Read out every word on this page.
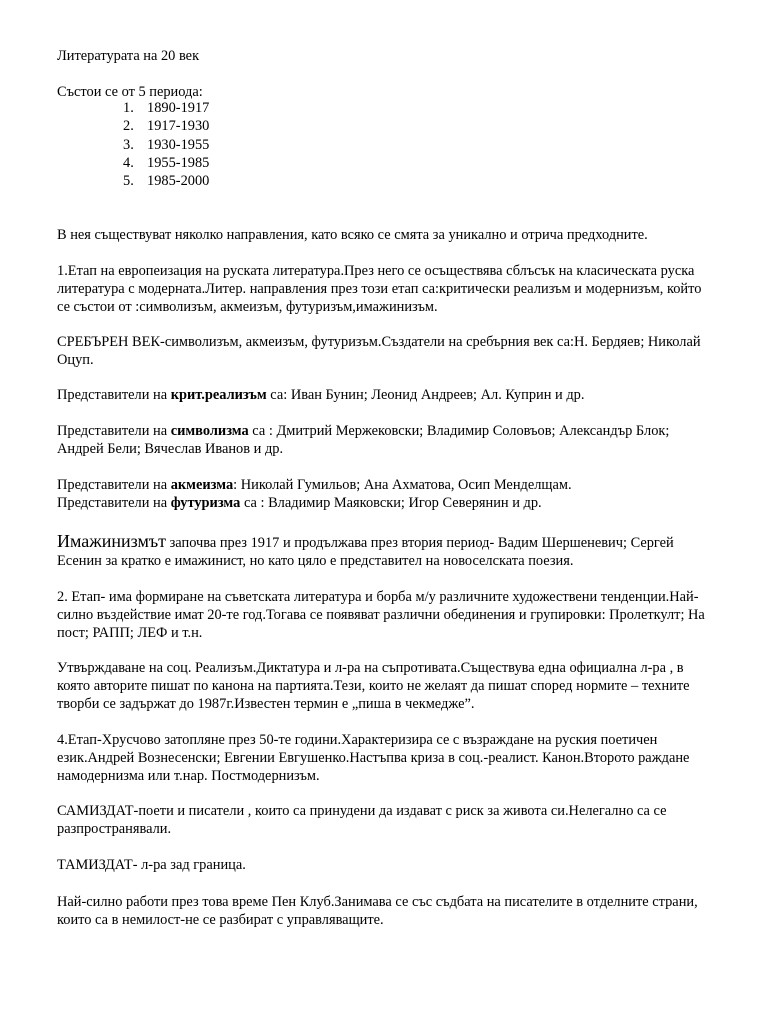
Литературата на 20 век

Състои се от 5 периода:

1. 1890-1917
2. 1917-1930
3. 1930-1955
4. 1955-1985
5. 1985-2000

В нея съществуват няколко направления, като всяко се смята за уникално и отрича предходните.

1.Етап на европеизация на руската литература.През него се осъществява сблъсък на класическата руска литература с модерната.Литер. направления през този етап са:критически реализъм и модернизъм, който се състои от :символизъм, акмеизъм, футуризъм,имажинизъм.

СРЕБЪРЕН ВЕК-символизъм, акмеизъм, футуризъм.Създатели на сребърния век са:Н. Бердяев; Николай Оцуп.

Представители на крит.реализъм са: Иван Бунин; Леонид Андреев; Ал. Куприн и др.

Представители на символизма са : Дмитрий Мержековски; Владимир Соловъов; Александър Блок; Андрей Бели; Вячеслав Иванов и др.

Представители на акмеизма: Николай Гумильов; Ана Ахматова, Осип Менделщам.

Представители на футуризма са : Владимир Маяковски; Игор Северянин и др.

Имажинизмът започва през 1917 и продължава през втория период- Вадим Шершеневич; Сергей Есенин за кратко е имажинист, но като цяло е представител на новоселската поезия.

2. Етап- има формиране на съветската литература и борба м/у различните художествени тенденции.Най-силно въздействие имат 20-те год.Тогава се появяват различни обединения и групировки: Пролеткулт; На пост; РАПП; ЛЕФ и т.н.

Утвърждаване на соц. Реализъм.Диктатура и л-ра на съпротивата.Съществува една официална л-ра , в която авторите пишат по канона на партията.Тези, които не желаят да пишат според нормите – техните творби се задържат до 1987г.Известен термин е „пиша в чекмедже”.

4.Етап-Хрусчово затопляне през 50-те години.Характеризира се с възраждане на руския поетичен език.Андрей Вознесенски; Евгении Евгушенко.Настъпва криза в соц.-реалист. Канон.Второто раждане намодернизма или т.нар. Постмодернизъм.

САМИЗДАТ-поети и писатели , които са принудени да издават с риск за живота си.Нелегално са се разпространявали.

ТАМИЗДАТ- л-ра зад граница.

Най-силно работи през това време Пен Клуб.Занимава се със съдбата на писателите в отделните страни, които са в немилост-не се разбират с управляващите.
